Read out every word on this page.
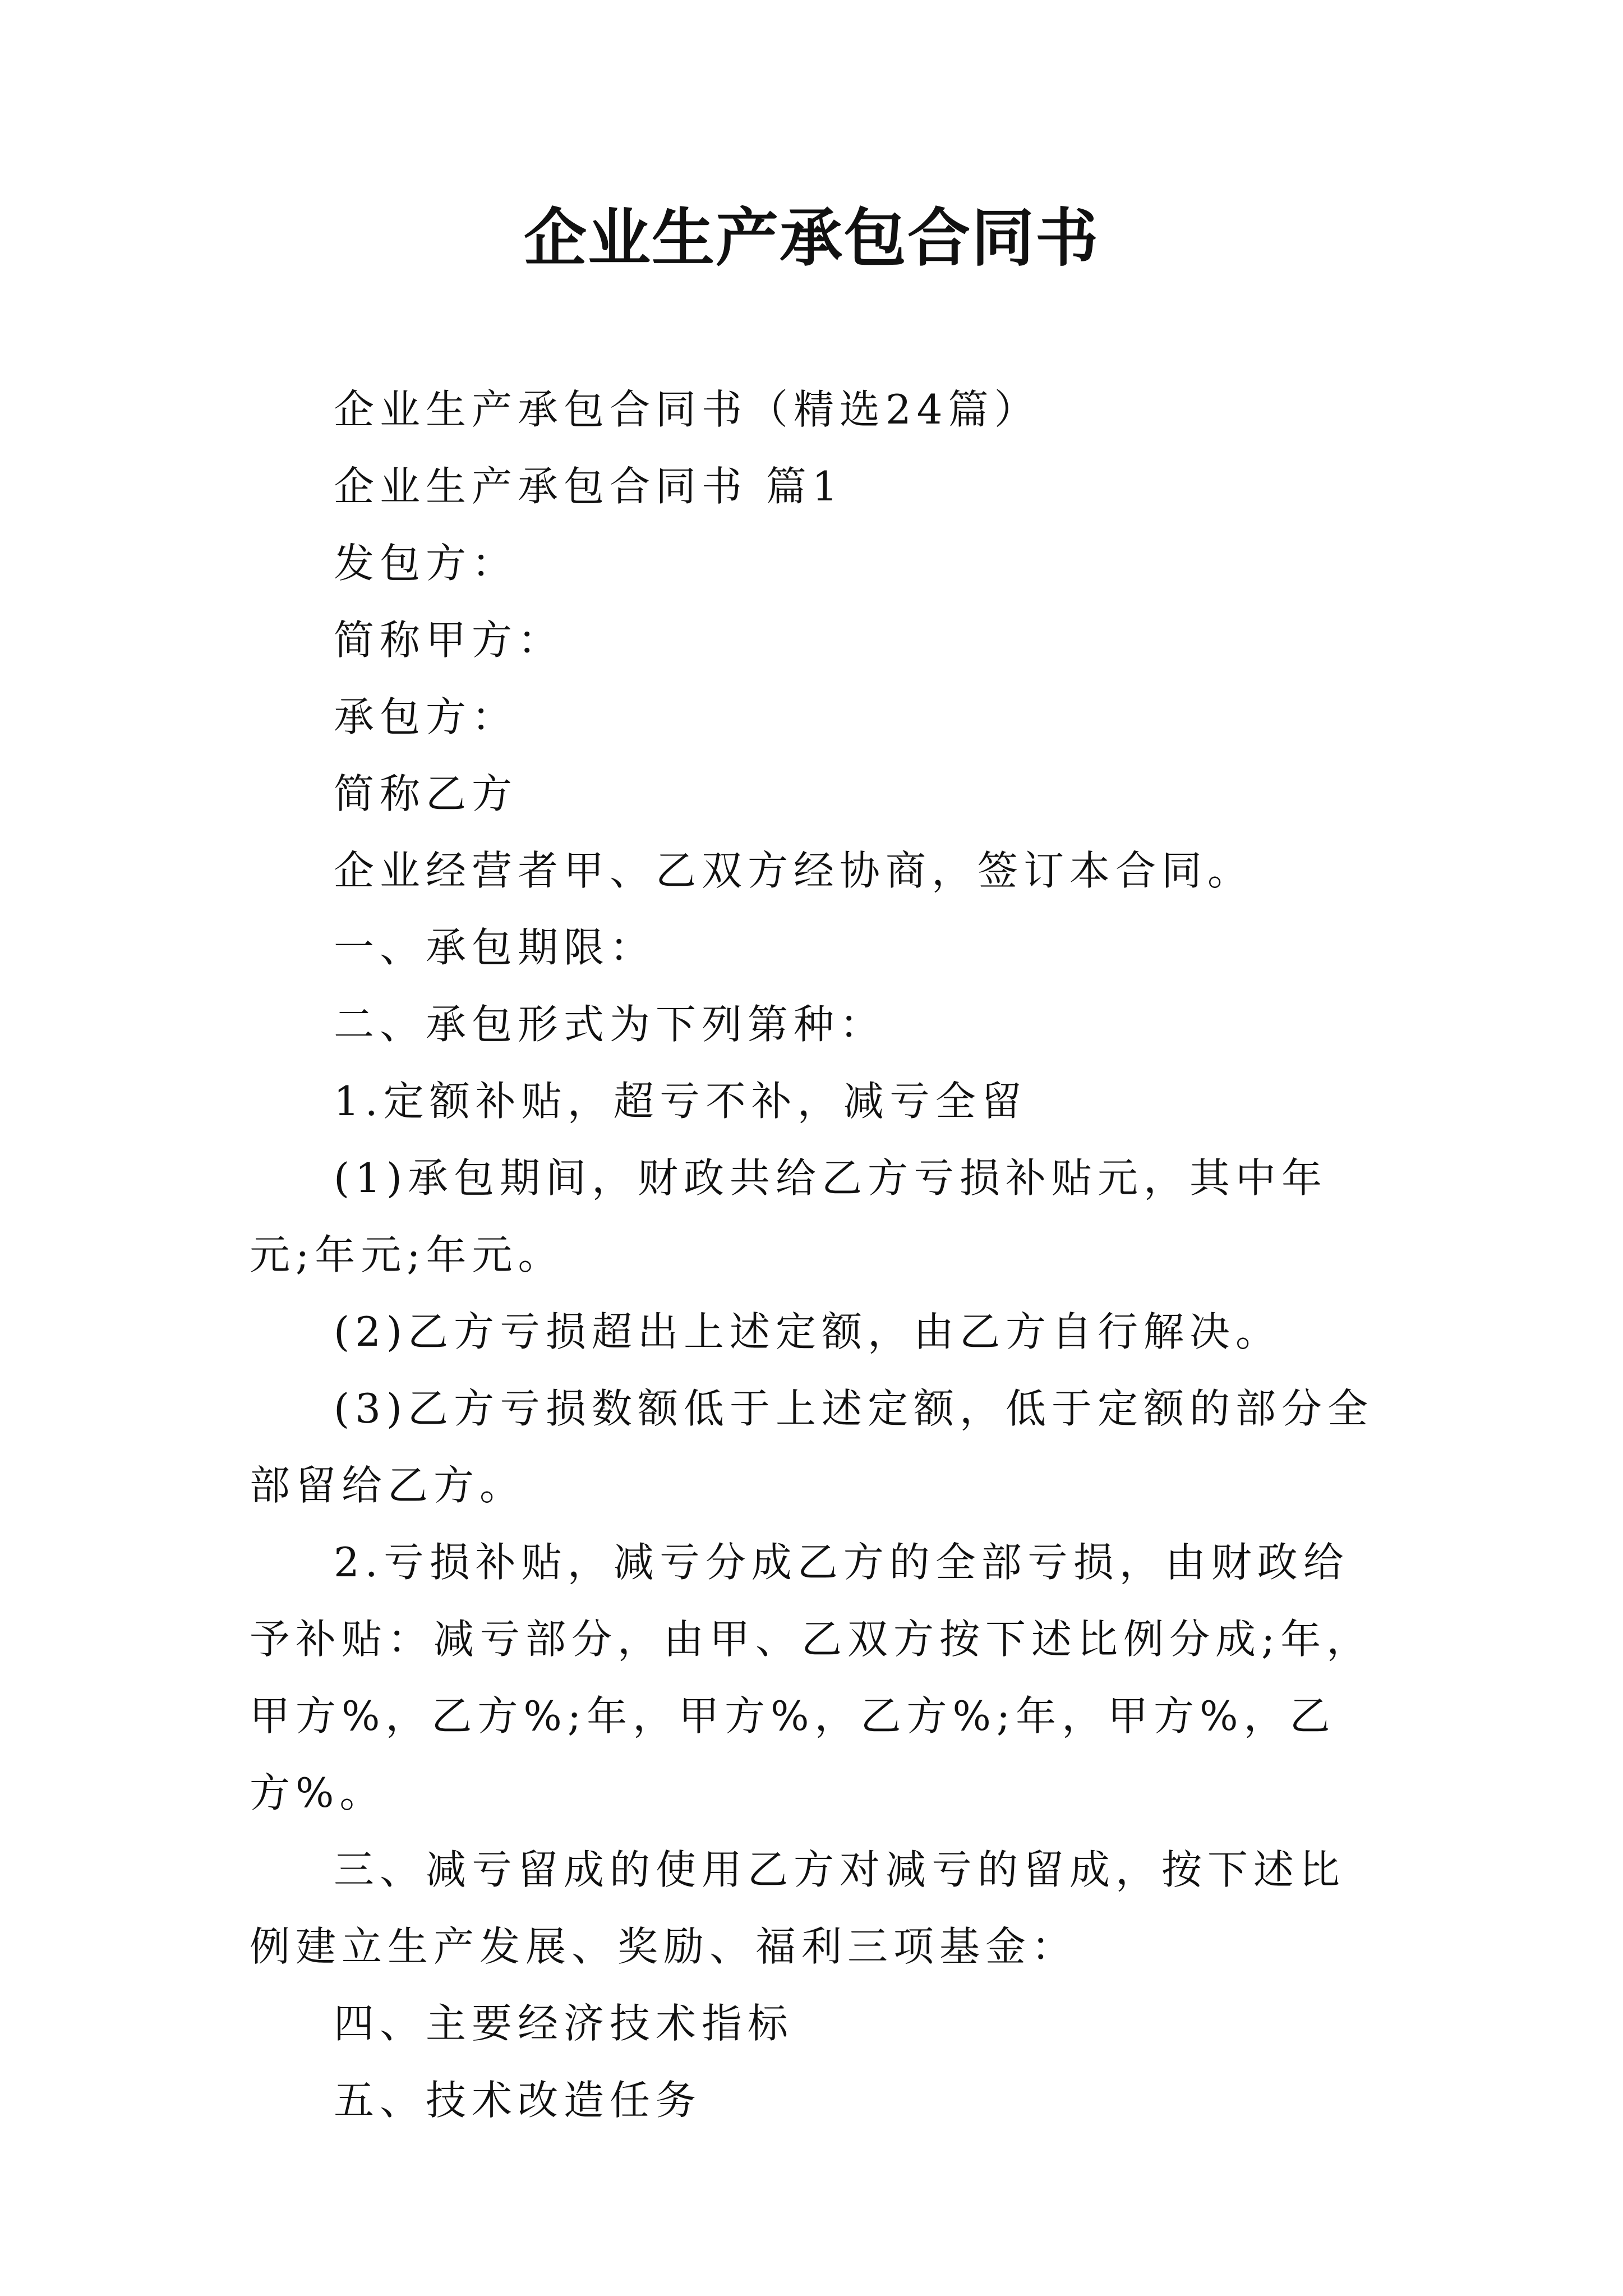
企业生产承包合同书

企业生产承包合同书（精选24篇）

企业生产承包合同书 篇1

发包方：

简称甲方：

承包方：

简称乙方

企业经营者甲、乙双方经协商，签订本合同。

一、承包期限：

二、承包形式为下列第种：

1.定额补贴，超亏不补，减亏全留

(1)承包期间，财政共给乙方亏损补贴元，其中年元;年元;年元。

(2)乙方亏损超出上述定额，由乙方自行解决。

(3)乙方亏损数额低于上述定额，低于定额的部分全部留给乙方。

2.亏损补贴，减亏分成乙方的全部亏损，由财政给予补贴：减亏部分，由甲、乙双方按下述比例分成;年，甲方%，乙方%;年，甲方%，乙方%;年，甲方%，乙方%。

三、减亏留成的使用乙方对减亏的留成，按下述比例建立生产发展、奖励、福利三项基金：

四、主要经济技术指标

五、技术改造任务
